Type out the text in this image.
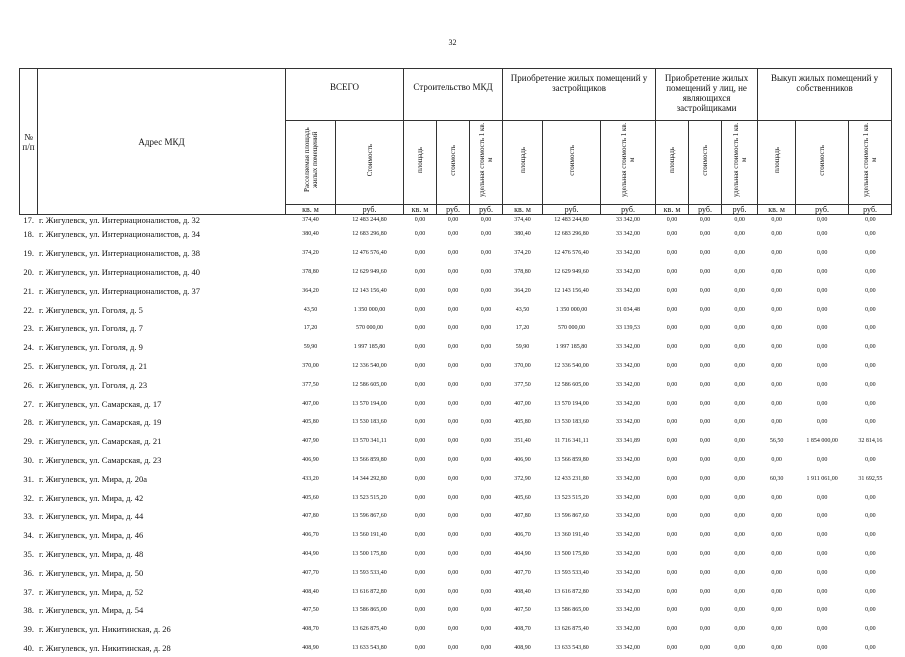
32
№ п/п	Адрес МКД	ВСЕГО		Строительство МКД			Приобретение жилых помещений у застройщиков			Приобретение жилых помещений у лиц, не являющихся застройщиками			Выкуп жилых помещений у собственников		
		Расселяемая площадь жилых помещений	Стоимость	площадь	стоимость	удельная стоимость 1 кв. м	площадь	стоимость	удельная стоимость 1 кв. м	площадь	стоимость	удельная стоимость 1 кв. м	площадь	стоимость	удельная стоимость 1 кв. м
		кв. м	руб.	кв. м	руб.	руб.	кв. м	руб.	руб.	кв. м	руб.	руб.	кв. м	руб.	руб.
17.	г. Жигулевск, ул. Интернационалистов, д. 32	374,40	12 483 244,80	0,00	0,00	0,00	374,40	12 483 244,80	33 342,00	0,00	0,00	0,00	0,00	0,00	0,00
18.	г. Жигулевск, ул. Интернационалистов, д. 34	380,40	12 683 296,80	0,00	0,00	0,00	380,40	12 683 296,80	33 342,00	0,00	0,00	0,00	0,00	0,00	0,00
19.	г. Жигулевск, ул. Интернационалистов, д. 38	374,20	12 476 576,40	0,00	0,00	0,00	374,20	12 476 576,40	33 342,00	0,00	0,00	0,00	0,00	0,00	0,00
20.	г. Жигулевск, ул. Интернационалистов, д. 40	378,80	12 629 949,60	0,00	0,00	0,00	378,80	12 629 949,60	33 342,00	0,00	0,00	0,00	0,00	0,00	0,00
21.	г. Жигулевск, ул. Интернационалистов, д. 37	364,20	12 143 156,40	0,00	0,00	0,00	364,20	12 143 156,40	33 342,00	0,00	0,00	0,00	0,00	0,00	0,00
22.	г. Жигулевск, ул. Гоголя, д. 5	43,50	1 350 000,00	0,00	0,00	0,00	43,50	1 350 000,00	31 034,48	0,00	0,00	0,00	0,00	0,00	0,00
23.	г. Жигулевск, ул. Гоголя, д. 7	17,20	570 000,00	0,00	0,00	0,00	17,20	570 000,00	33 139,53	0,00	0,00	0,00	0,00	0,00	0,00
24.	г. Жигулевск, ул. Гоголя, д. 9	59,90	1 997 185,80	0,00	0,00	0,00	59,90	1 997 185,80	33 342,00	0,00	0,00	0,00	0,00	0,00	0,00
25.	г. Жигулевск, ул. Гоголя, д. 21	370,00	12 336 540,00	0,00	0,00	0,00	370,00	12 336 540,00	33 342,00	0,00	0,00	0,00	0,00	0,00	0,00
26.	г. Жигулевск, ул. Гоголя, д. 23	377,50	12 586 605,00	0,00	0,00	0,00	377,50	12 586 605,00	33 342,00	0,00	0,00	0,00	0,00	0,00	0,00
27.	г. Жигулевск, ул. Самарская, д. 17	407,00	13 570 194,00	0,00	0,00	0,00	407,00	13 570 194,00	33 342,00	0,00	0,00	0,00	0,00	0,00	0,00
28.	г. Жигулевск, ул. Самарская, д. 19	405,80	13 530 183,60	0,00	0,00	0,00	405,80	13 530 183,60	33 342,00	0,00	0,00	0,00	0,00	0,00	0,00
29.	г. Жигулевск, ул. Самарская, д. 21	407,90	13 570 341,11	0,00	0,00	0,00	351,40	11 716 341,11	33 341,89	0,00	0,00	0,00	56,50	1 854 000,00	32 814,16
30.	г. Жигулевск, ул. Самарская, д. 23	406,90	13 566 859,80	0,00	0,00	0,00	406,90	13 566 859,80	33 342,00	0,00	0,00	0,00	0,00	0,00	0,00
31.	г. Жигулевск, ул. Мира, д. 20а	433,20	14 344 292,80	0,00	0,00	0,00	372,90	12 433 231,80	33 342,00	0,00	0,00	0,00	60,30	1 911 061,00	31 692,55
32.	г. Жигулевск, ул. Мира, д. 42	405,60	13 523 515,20	0,00	0,00	0,00	405,60	13 523 515,20	33 342,00	0,00	0,00	0,00	0,00	0,00	0,00
33.	г. Жигулевск, ул. Мира, д. 44	407,80	13 596 867,60	0,00	0,00	0,00	407,80	13 596 867,60	33 342,00	0,00	0,00	0,00	0,00	0,00	0,00
34.	г. Жигулевск, ул. Мира, д. 46	406,70	13 560 191,40	0,00	0,00	0,00	406,70	13 360 191,40	33 342,00	0,00	0,00	0,00	0,00	0,00	0,00
35.	г. Жигулевск, ул. Мира, д. 48	404,90	13 500 175,80	0,00	0,00	0,00	404,90	13 500 175,80	33 342,00	0,00	0,00	0,00	0,00	0,00	0,00
36.	г. Жигулевск, ул. Мира, д. 50	407,70	13 593 533,40	0,00	0,00	0,00	407,70	13 593 533,40	33 342,00	0,00	0,00	0,00	0,00	0,00	0,00
37.	г. Жигулевск, ул. Мира, д. 52	408,40	13 616 872,80	0,00	0,00	0,00	408,40	13 616 872,80	33 342,00	0,00	0,00	0,00	0,00	0,00	0,00
38.	г. Жигулевск, ул. Мира, д. 54	407,50	13 586 865,00	0,00	0,00	0,00	407,50	13 586 865,00	33 342,00	0,00	0,00	0,00	0,00	0,00	0,00
39.	г. Жигулевск, ул. Никитинская, д. 26	408,70	13 626 875,40	0,00	0,00	0,00	408,70	13 626 875,40	33 342,00	0,00	0,00	0,00	0,00	0,00	0,00
40.	г. Жигулевск, ул. Никитинская, д. 28	408,90	13 633 543,80	0,00	0,00	0,00	408,90	13 633 543,80	33 342,00	0,00	0,00	0,00	0,00	0,00	0,00
